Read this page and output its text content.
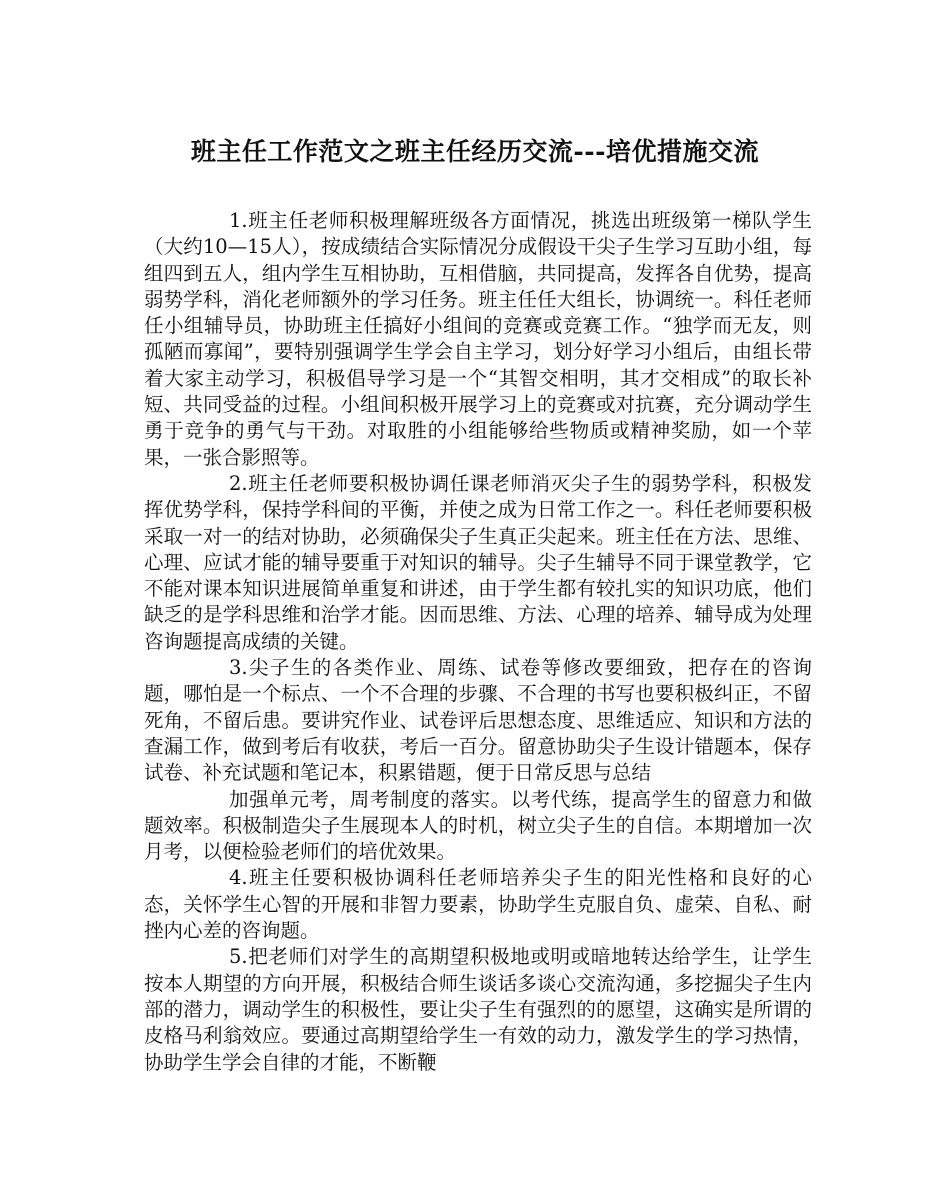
班主任工作范文之班主任经历交流---培优措施交流

1.班主任老师积极理解班级各方面情况，挑选出班级第一梯队学生（大约10—15人），按成绩结合实际情况分成假设干尖子生学习互助小组，每组四到五人，组内学生互相协助，互相借脑，共同提高，发挥各自优势，提高弱势学科，消化老师额外的学习任务。班主任任大组长，协调统一。科任老师任小组辅导员，协助班主任搞好小组间的竞赛或竞赛工作。“独学而无友，则孤陋而寡闻”，要特别强调学生学会自主学习，划分好学习小组后，由组长带着大家主动学习，积极倡导学习是一个“其智交相明，其才交相成”的取长补短、共同受益的过程。小组间积极开展学习上的竞赛或对抗赛，充分调动学生勇于竞争的勇气与干劲。对取胜的小组能够给些物质或精神奖励，如一个苹果，一张合影照等。

2.班主任老师要积极协调任课老师消灭尖子生的弱势学科，积极发挥优势学科，保持学科间的平衡，并使之成为日常工作之一。科任老师要积极采取一对一的结对协助，必须确保尖子生真正尖起来。班主任在方法、思维、心理、应试才能的辅导要重于对知识的辅导。尖子生辅导不同于课堂教学，它不能对课本知识进展简单重复和讲述，由于学生都有较扎实的知识功底，他们缺乏的是学科思维和治学才能。因而思维、方法、心理的培养、辅导成为处理咨询题提高成绩的关键。

3.尖子生的各类作业、周练、试卷等修改要细致，把存在的咨询题，哪怕是一个标点、一个不合理的步骤、不合理的书写也要积极纠正，不留死角，不留后患。要讲究作业、试卷评后思想态度、思维适应、知识和方法的查漏工作，做到考后有收获，考后一百分。留意协助尖子生设计错题本，保存试卷、补充试题和笔记本，积累错题，便于日常反思与总结

加强单元考，周考制度的落实。以考代练，提高学生的留意力和做题效率。积极制造尖子生展现本人的时机，树立尖子生的自信。本期增加一次月考，以便检验老师们的培优效果。

4.班主任要积极协调科任老师培养尖子生的阳光性格和良好的心态，关怀学生心智的开展和非智力要素，协助学生克服自负、虚荣、自私、耐挫内心差的咨询题。

5.把老师们对学生的高期望积极地或明或暗地转达给学生，让学生按本人期望的方向开展，积极结合师生谈话多谈心交流沟通，多挖掘尖子生内部的潜力，调动学生的积极性，要让尖子生有强烈的的愿望，这确实是所谓的皮格马利翁效应。要通过高期望给学生一有效的动力，激发学生的学习热情，协助学生学会自律的才能，不断鞭
